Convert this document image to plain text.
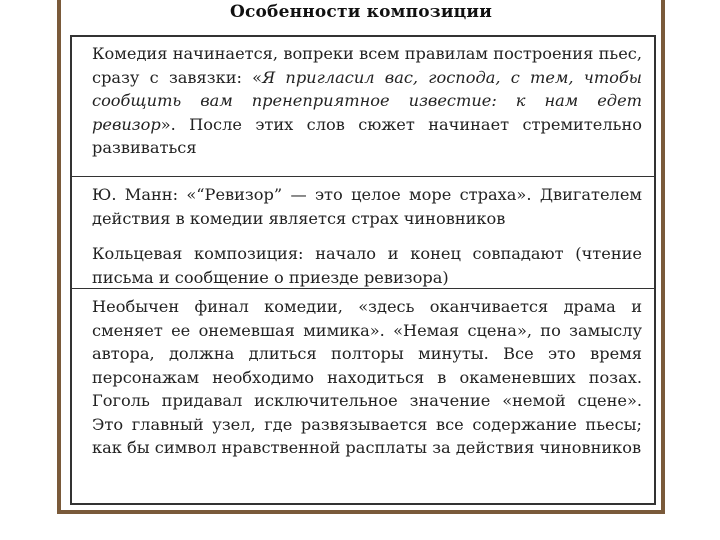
Особенности композиции
Комедия начинается, вопреки всем правилам построения пьес, сразу с завязки: «Я пригласил вас, господа, с тем, чтобы сообщить вам пренеприятное известие: к нам едет ревизор». После этих слов сюжет начинает стремительно развиваться
Ю. Манн: «“Ревизор” — это целое море страха». Двигателем действия в комедии является страх чиновников
Кольцевая композиция: начало и конец совпадают (чтение письма и сообщение о приезде ревизора)
Необычен финал комедии, «здесь оканчивается драма и сменяет ее онемевшая мимика». «Немая сцена», по замыслу автора, должна длиться полторы минуты. Все это время персонажам необходимо находиться в окаменевших позах. Гоголь придавал исключительное значение «немой сцене». Это главный узел, где развязывается все содержание пьесы; как бы символ нравственной расплаты за действия чиновников
